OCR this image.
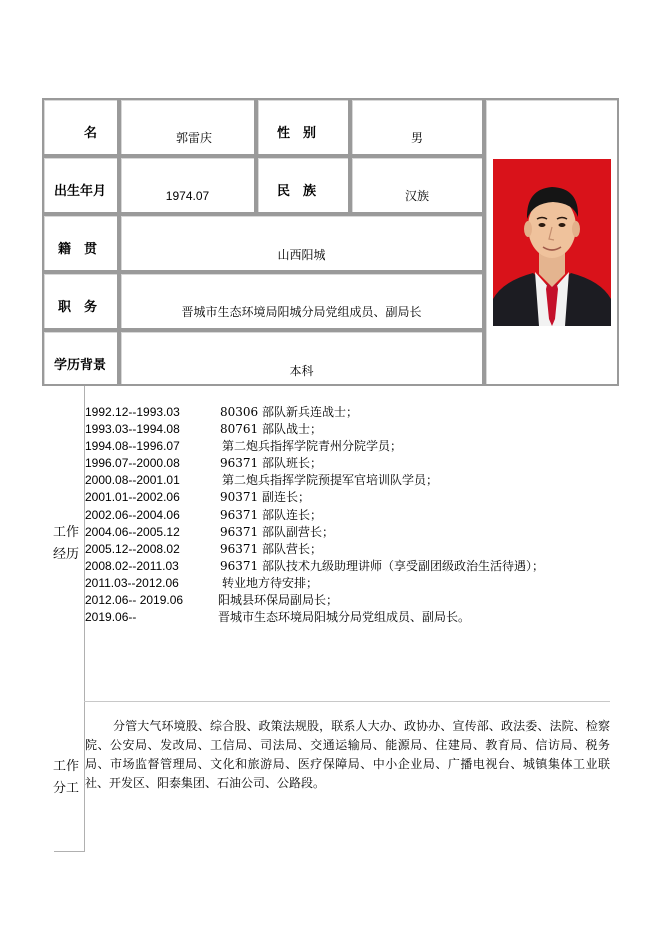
名	郭雷庆	性　别	男
出生年月	1974.07	民　族	汉族
籍　贯	山西阳城
职　务	晋城市生态环境局阳城分局党组成员、副局长
学历背景	本科
工作
经历
1992.12--1993.03	80306 部队新兵连战士；
1993.03--1994.08	80761 部队战士；
1994.08--1996.07	第二炮兵指挥学院青州分院学员；
1996.07--2000.08	96371 部队班长；
2000.08--2001.01	第二炮兵指挥学院预提军官培训队学员；
2001.01--2002.06	90371 副连长；
2002.06--2004.06	96371 部队连长；
2004.06--2005.12	96371 部队副营长；
2005.12--2008.02	96371 部队营长；
2008.02--2011.03	96371 部队技术九级助理讲师（享受副团级政治生活待遇）；
2011.03--2012.06	转业地方待安排；
2012.06-- 2019.06	阳城县环保局副局长；
2019.06--	晋城市生态环境局阳城分局党组成员、副局长。
工作
分工
分管大气环境股、综合股、政策法规股，联系人大办、政协办、宣传部、政法委、法院、检察院、公安局、发改局、工信局、司法局、交通运输局、能源局、住建局、教育局、信访局、税务局、市场监督管理局、文化和旅游局、医疗保障局、中小企业局、广播电视台、城镇集体工业联社、开发区、阳泰集团、石油公司、公路段。
